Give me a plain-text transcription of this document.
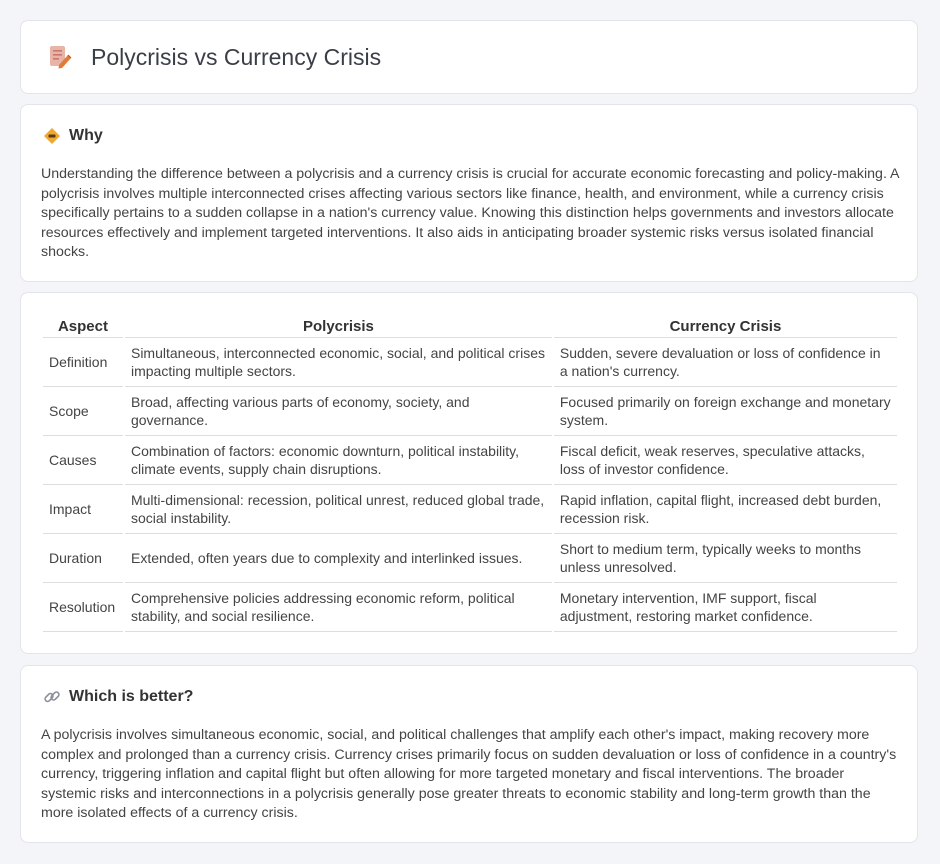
Polycrisis vs Currency Crisis
Why

Understanding the difference between a polycrisis and a currency crisis is crucial for accurate economic forecasting and policy-making. A polycrisis involves multiple interconnected crises affecting various sectors like finance, health, and environment, while a currency crisis specifically pertains to a sudden collapse in a nation's currency value. Knowing this distinction helps governments and investors allocate resources effectively and implement targeted interventions. It also aids in anticipating broader systemic risks versus isolated financial shocks.

Aspect	Polycrisis	Currency Crisis
Definition	Simultaneous, interconnected economic, social, and political crises impacting multiple sectors.	Sudden, severe devaluation or loss of confidence in a nation's currency.
Scope	Broad, affecting various parts of economy, society, and governance.	Focused primarily on foreign exchange and monetary system.
Causes	Combination of factors: economic downturn, political instability, climate events, supply chain disruptions.	Fiscal deficit, weak reserves, speculative attacks, loss of investor confidence.
Impact	Multi-dimensional: recession, political unrest, reduced global trade, social instability.	Rapid inflation, capital flight, increased debt burden, recession risk.
Duration	Extended, often years due to complexity and interlinked issues.	Short to medium term, typically weeks to months unless unresolved.
Resolution	Comprehensive policies addressing economic reform, political stability, and social resilience.	Monetary intervention, IMF support, fiscal adjustment, restoring market confidence.
Which is better?

A polycrisis involves simultaneous economic, social, and political challenges that amplify each other's impact, making recovery more complex and prolonged than a currency crisis. Currency crises primarily focus on sudden devaluation or loss of confidence in a country's currency, triggering inflation and capital flight but often allowing for more targeted monetary and fiscal interventions. The broader systemic risks and interconnections in a polycrisis generally pose greater threats to economic stability and long-term growth than the more isolated effects of a currency crisis.
